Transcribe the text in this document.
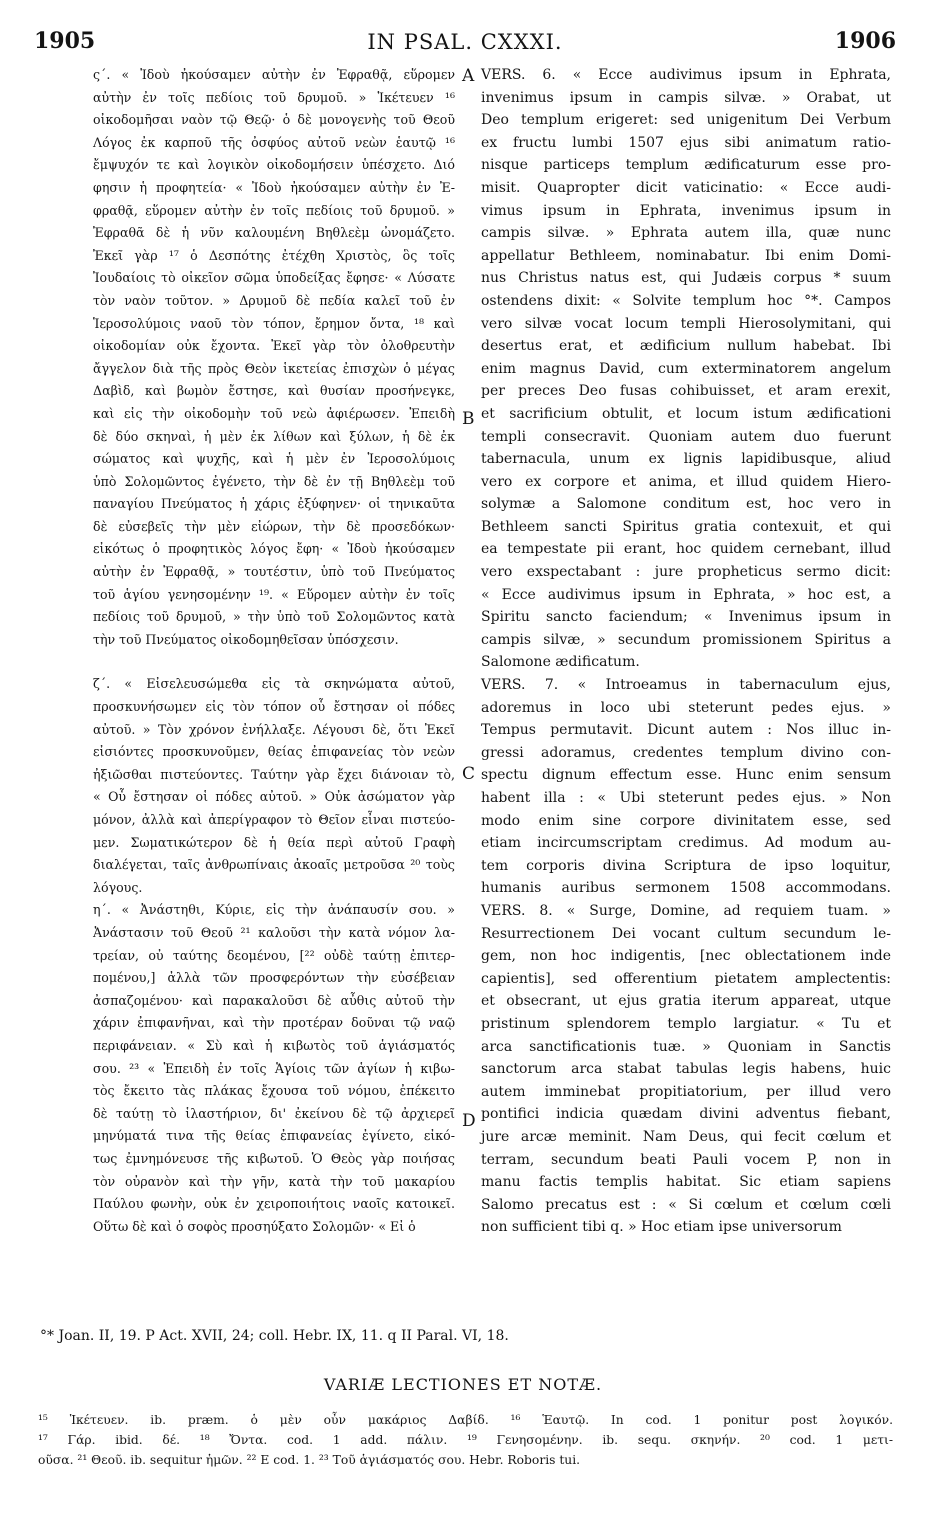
1905	IN PSAL. CXXXI.	1906
ς΄. « Ἰδοὺ ἠκούσαμεν αὐτὴν ἐν Ἐφραθᾷ, εὕρομεν
αὐτὴν ἐν τοῖς πεδίοις τοῦ δρυμοῦ. » Ἱκέτευεν ¹⁶
οἰκοδομῆσαι ναὸν τῷ Θεῷ· ὁ δὲ μονογενὴς τοῦ Θεοῦ
Λόγος ἐκ καρποῦ τῆς ὀσφύος αὐτοῦ νεὼν ἑαυτῷ ¹⁶
ἔμψυχόν τε καὶ λογικὸν οἰκοδομήσειν ὑπέσχετο. Διό
φησιν ἡ προφητεία· « Ἰδοὺ ἠκούσαμεν αὐτὴν ἐν Ἐ-
φραθᾷ, εὕρομεν αὐτὴν ἐν τοῖς πεδίοις τοῦ δρυμοῦ. »
Ἐφραθᾶ δὲ ἡ νῦν καλουμένη Βηθλεὲμ ὠνομάζετο.
Ἐκεῖ γὰρ ¹⁷ ὁ Δεσπότης ἐτέχθη Χριστὸς, ὃς τοῖς
Ἰουδαίοις τὸ οἰκεῖον σῶμα ὑποδείξας ἔφησε· « Λύσατε
τὸν ναὸν τοῦτον. » Δρυμοῦ δὲ πεδία καλεῖ τοῦ ἐν
Ἱεροσολύμοις ναοῦ τὸν τόπον, ἔρημον ὄντα, ¹⁸ καὶ
οἰκοδομίαν οὐκ ἔχοντα. Ἐκεῖ γὰρ τὸν ὀλοθρευτὴν
ἄγγελον διὰ τῆς πρὸς Θεὸν ἱκετείας ἐπισχὼν ὁ μέγας
Δαβὶδ, καὶ βωμὸν ἔστησε, καὶ θυσίαν προσήνεγκε,
καὶ εἰς τὴν οἰκοδομὴν τοῦ νεὼ ἀφιέρωσεν. Ἐπειδὴ
δὲ δύο σκηναὶ, ἡ μὲν ἐκ λίθων καὶ ξύλων, ἡ δὲ ἐκ
σώματος καὶ ψυχῆς, καὶ ἡ μὲν ἐν Ἱεροσολύμοις
ὑπὸ Σολομῶντος ἐγένετο, τὴν δὲ ἐν τῇ Βηθλεὲμ τοῦ
παναγίου Πνεύματος ἡ χάρις ἐξύφηνεν· οἱ τηνικαῦτα
δὲ εὐσεβεῖς τὴν μὲν εἰώρων, τὴν δὲ προσεδόκων·
εἰκότως ὁ προφητικὸς λόγος ἔφη· « Ἰδοὺ ἠκούσαμεν
αὐτὴν ἐν Ἐφραθᾷ, » τουτέστιν, ὑπὸ τοῦ Πνεύματος
τοῦ ἁγίου γενησομένην ¹⁹. « Εὕρομεν αὐτὴν ἐν τοῖς
πεδίοις τοῦ δρυμοῦ, » τὴν ὑπὸ τοῦ Σολομῶντος κατὰ
τὴν τοῦ Πνεύματος οἰκοδομηθεῖσαν ὑπόσχεσιν.
ζ΄. « Εἰσελευσώμεθα εἰς τὰ σκηνώματα αὐτοῦ,
προσκυνήσωμεν εἰς τὸν τόπον οὗ ἔστησαν οἱ πόδες
αὐτοῦ. » Τὸν χρόνον ἐνήλλαξε. Λέγουσι δὲ, ὅτι Ἐκεῖ
εἰσιόντες προσκυνοῦμεν, θείας ἐπιφανείας τὸν νεὼν
ἠξιῶσθαι πιστεύοντες. Ταύτην γὰρ ἔχει διάνοιαν τὸ,
« Οὗ ἔστησαν οἱ πόδες αὐτοῦ. » Οὐκ ἀσώματον γὰρ
μόνον, ἀλλὰ καὶ ἀπερίγραφον τὸ Θεῖον εἶναι πιστεύο-
μεν. Σωματικώτερον δὲ ἡ θεία περὶ αὐτοῦ Γραφὴ
διαλέγεται, ταῖς ἀνθρωπίναις ἀκοαῖς μετροῦσα ²⁰ τοὺς
λόγους.
η΄. « Ἀνάστηθι, Κύριε, εἰς τὴν ἀνάπαυσίν σου. »
Ἀνάστασιν τοῦ Θεοῦ ²¹ καλοῦσι τὴν κατὰ νόμον λα-
τρείαν, οὐ ταύτης δεομένου, [²² οὐδὲ ταύτῃ ἐπιτερ-
πομένου,] ἀλλὰ τῶν προσφερόντων τὴν εὐσέβειαν
ἀσπαζομένου· καὶ παρακαλοῦσι δὲ αὖθις αὐτοῦ τὴν
χάριν ἐπιφανῆναι, καὶ τὴν προτέραν δοῦναι τῷ ναῷ
περιφάνειαν. « Σὺ καὶ ἡ κιβωτὸς τοῦ ἁγιάσματός
σου. ²³ « Ἐπειδὴ ἐν τοῖς Ἁγίοις τῶν ἁγίων ἡ κιβω-
τὸς ἔκειτο τὰς πλάκας ἔχουσα τοῦ νόμου, ἐπέκειτο
δὲ ταύτῃ τὸ ἱλαστήριον, δι' ἐκείνου δὲ τῷ ἀρχιερεῖ
μηνύματά τινα τῆς θείας ἐπιφανείας ἐγίνετο, εἰκό-
τως ἐμνημόνευσε τῆς κιβωτοῦ. Ὁ Θεὸς γὰρ ποιήσας
τὸν οὐρανὸν καὶ τὴν γῆν, κατὰ τὴν τοῦ μακαρίου
Παύλου φωνὴν, οὐκ ἐν χειροποιήτοις ναοῖς κατοικεῖ.
Οὕτω δὲ καὶ ὁ σοφὸς προσηύξατο Σολομῶν· « Εἰ ὁ
VERS. 6. « Ecce audivimus ipsum in Ephrata,
invenimus ipsum in campis silvæ. » Orabat, ut
Deo templum erigeret: sed unigenitum Dei Verbum
ex fructu lumbi 1507 ejus sibi animatum ratio-
nisque particeps templum ædificaturum esse pro-
misit. Quapropter dicit vaticinatio: « Ecce audi-
vimus ipsum in Ephrata, invenimus ipsum in
campis silvæ. » Ephrata autem illa, quæ nunc
appellatur Bethleem, nominabatur. Ibi enim Domi-
nus Christus natus est, qui Judæis corpus * suum
ostendens dixit: « Solvite templum hoc °*. Campos
vero silvæ vocat locum templi Hierosolymitani, qui
desertus erat, et ædificium nullum habebat. Ibi
enim magnus David, cum exterminatorem angelum
per preces Deo fusas cohibuisset, et aram erexit,
et sacrificium obtulit, et locum istum ædificationi
templi consecravit. Quoniam autem duo fuerunt
tabernacula, unum ex lignis lapidibusque, aliud
vero ex corpore et anima, et illud quidem Hiero-
solymæ a Salomone conditum est, hoc vero in
Bethleem sancti Spiritus gratia contexuit, et qui
ea tempestate pii erant, hoc quidem cernebant, illud
vero exspectabant : jure propheticus sermo dicit:
« Ecce audivimus ipsum in Ephrata, » hoc est, a
Spiritu sancto faciendum; « Invenimus ipsum in
campis silvæ, » secundum promissionem Spiritus a
Salomone ædificatum.
VERS. 7. « Introeamus in tabernaculum ejus,
adoremus in loco ubi steterunt pedes ejus. »
Tempus permutavit. Dicunt autem : Nos illuc in-
gressi adoramus, credentes templum divino con-
spectu dignum effectum esse. Hunc enim sensum
habent illa : « Ubi steterunt pedes ejus. » Non
modo enim sine corpore divinitatem esse, sed
etiam incircumscriptam credimus. Ad modum au-
tem corporis divina Scriptura de ipso loquitur,
humanis auribus sermonem 1508 accommodans.
VERS. 8. « Surge, Domine, ad requiem tuam. »
Resurrectionem Dei vocant cultum secundum le-
gem, non hoc indigentis, [nec oblectationem inde
capientis], sed offerentium pietatem amplectentis:
et obsecrant, ut ejus gratia iterum appareat, utque
pristinum splendorem templo largiatur. « Tu et
arca sanctificationis tuæ. » Quoniam in Sanctis
sanctorum arca stabat tabulas legis habens, huic
autem imminebat propitiatorium, per illud vero
pontifici indicia quædam divini adventus fiebant,
jure arcæ meminit. Nam Deus, qui fecit cœlum et
terram, secundum beati Pauli vocem P, non in
manu factis templis habitat. Sic etiam sapiens
Salomo precatus est : « Si cœlum et cœlum cœli
non sufficient tibi q. » Hoc etiam ipse universorum
A
B
C
D
°* Joan. II, 19. P Act. XVII, 24; coll. Hebr. IX, 11. q II Paral. VI, 18.
VARIÆ LECTIONES ET NOTÆ.
¹⁵ Ἱκέτευεν. ib. præm. ὁ μὲν οὖν μακάριος Δαβίδ. ¹⁶ Ἑαυτῷ. In cod. 1 ponitur post λογικόν.
¹⁷ Γάρ. ibid. δέ. ¹⁸ Ὄντα. cod. 1 add. πάλιν. ¹⁹ Γενησομένην. ib. sequ. σκηνήν. ²⁰ cod. 1 μετι-
οῦσα. ²¹ Θεοῦ. ib. sequitur ἡμῶν. ²² E cod. 1. ²³ Τοῦ ἁγιάσματός σου. Hebr. Roboris tui.
